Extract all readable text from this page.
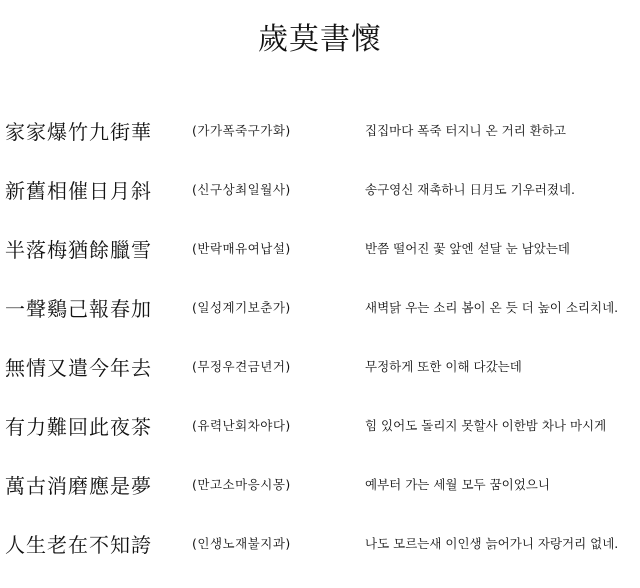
歲莫書懷
家家爆竹九街華	(가가폭죽구가화)	집집마다 폭죽 터지니 온 거리 환하고
新舊相催日月斜	(신구상최일월사)	송구영신 재촉하니 日月도 기우러졌네.
半落梅猶餘臘雪	(반락매유여납설)	반쯤 떨어진 꽃 앞엔 섣달 눈 남았는데
一聲鷄己報春加	(일성계기보춘가)	새벽닭 우는 소리 봄이 온 듯 더 높이 소리치네.
無情又遣今年去	(무정우견금년거)	무정하게 또한 이해 다갔는데
有力難回此夜茶	(유력난회차야다)	힘 있어도 돌리지 못할사 이한밤 차나 마시게
萬古消磨應是夢	(만고소마응시몽)	예부터 가는 세월 모두 꿈이었으니
人生老在不知誇	(인생노재불지과)	나도 모르는새 이인생 늙어가니 자랑거리 없네.
